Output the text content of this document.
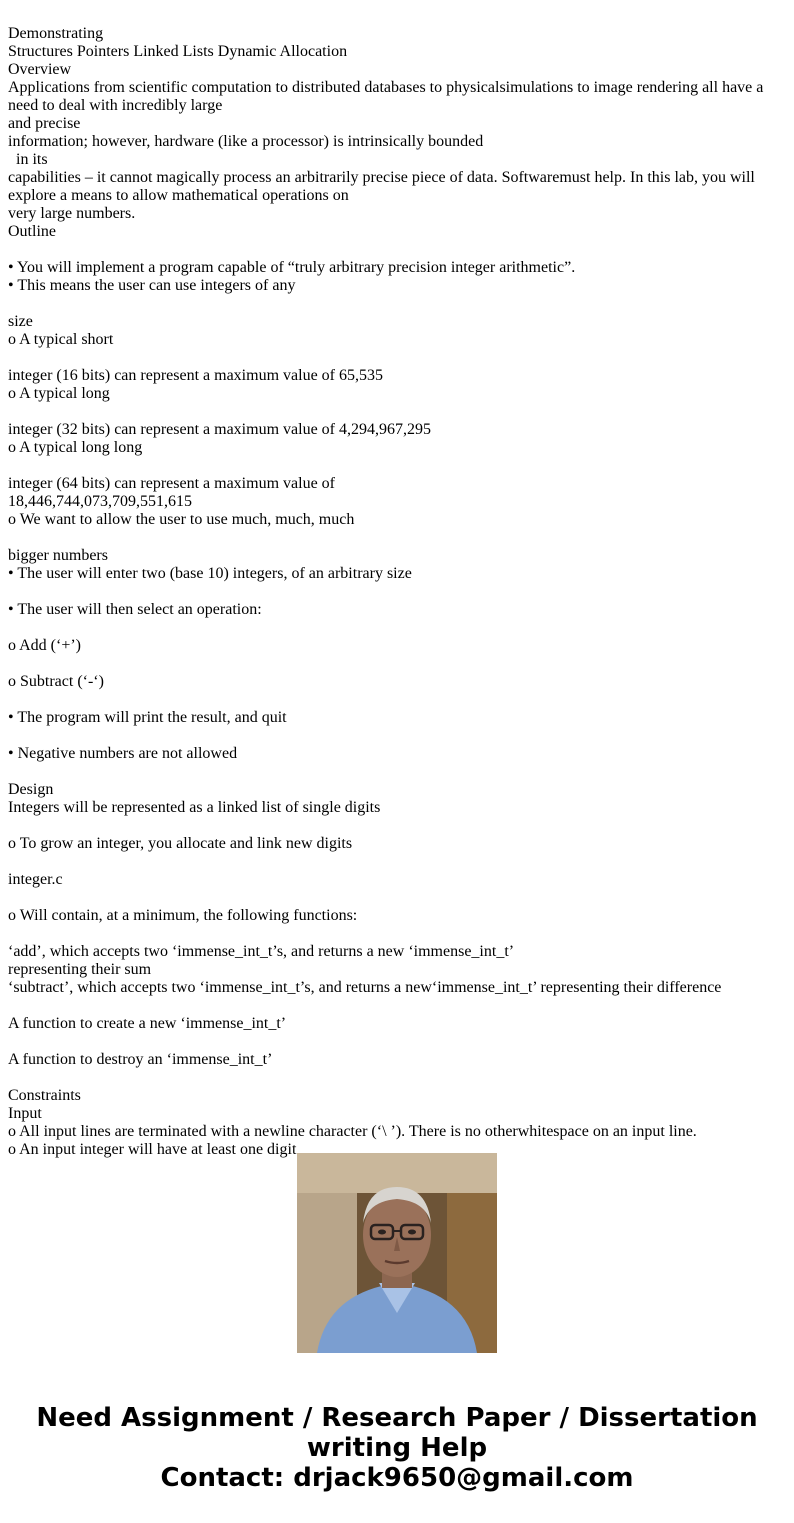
Demonstrating
Structures Pointers Linked Lists Dynamic Allocation
Overview
Applications from scientific computation to distributed databases to physicalsimulations to image rendering all have a need to deal with incredibly large
and precise
information; however, hardware (like a processor) is intrinsically bounded
in its
capabilities – it cannot magically process an arbitrarily precise piece of data. Softwaremust help. In this lab, you will explore a means to allow mathematical operations on
very large numbers.
Outline
• You will implement a program capable of “truly arbitrary precision integer arithmetic”.
• This means the user can use integers of any
size
o A typical short
integer (16 bits) can represent a maximum value of 65,535
o A typical long
integer (32 bits) can represent a maximum value of 4,294,967,295
o A typical long long
integer (64 bits) can represent a maximum value of
18,446,744,073,709,551,615
o We want to allow the user to use much, much, much
bigger numbers
• The user will enter two (base 10) integers, of an arbitrary size
• The user will then select an operation:
o Add (‘+’)
o Subtract (‘-‘)
• The program will print the result, and quit
• Negative numbers are not allowed
Design
Integers will be represented as a linked list of single digits
o To grow an integer, you allocate and link new digits
integer.c
o Will contain, at a minimum, the following functions:
‘add’, which accepts two ‘immense_int_t’s, and returns a new ‘immense_int_t’
representing their sum
‘subtract’, which accepts two ‘immense_int_t’s, and returns a new‘immense_int_t’ representing their difference
A function to create a new ‘immense_int_t’
A function to destroy an ‘immense_int_t’
Constraints
Input
o All input lines are terminated with a newline character (‘\ ’). There is no otherwhitespace on an input line.
o An input integer will have at least one digit
Need Assignment / Research Paper / Dissertation
writing Help
Contact: drjack9650@gmail.com
